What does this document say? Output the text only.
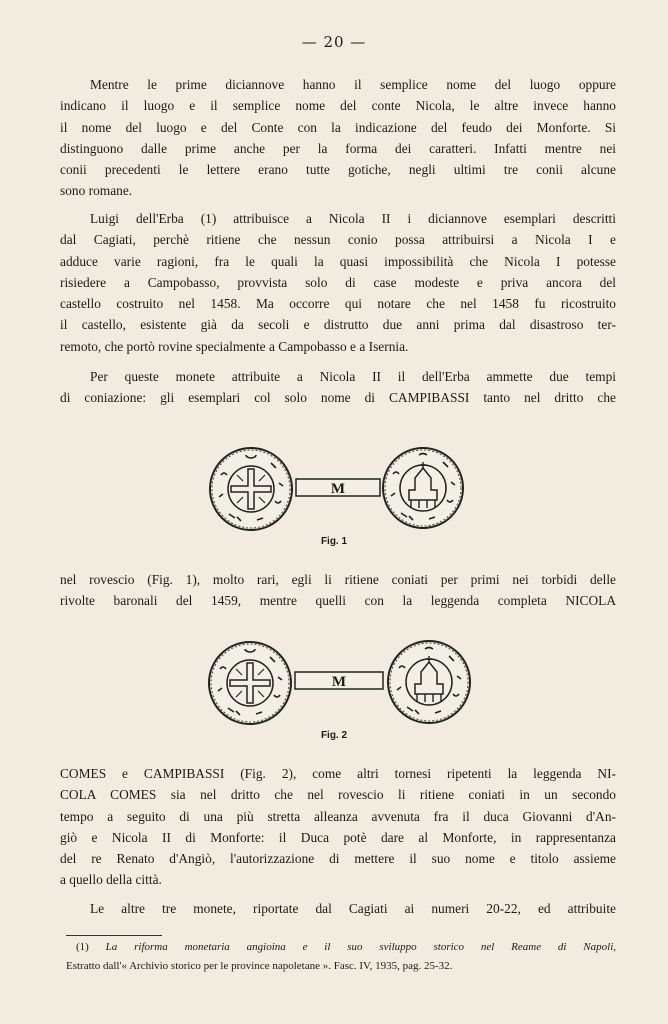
— 20 —
Mentre le prime diciannove hanno il semplice nome del luogo oppure
indicano il luogo e il semplice nome del conte Nicola, le altre invece hanno
il nome del luogo e del Conte con la indicazione del feudo dei Monforte. Si
distinguono dalle prime anche per la forma dei caratteri. Infatti mentre nei
conii precedenti le lettere erano tutte gotiche, negli ultimi tre conii alcune
sono romane.
Luigi dell'Erba (1) attribuisce a Nicola II i diciannove esemplari descritti
dal Cagiati, perchè ritiene che nessun conio possa attribuirsi a Nicola I e
adduce varie ragioni, fra le quali la quasi impossibilità che Nicola I potesse
risiedere a Campobasso, provvista solo di case modeste e priva ancora del
castello costruito nel 1458. Ma occorre qui notare che nel 1458 fu ricostruito
il castello, esistente già da secoli e distrutto due anni prima dal disastroso ter-
remoto, che portò rovine specialmente a Campobasso e a Isernia.
Per queste monete attribuite a Nicola II il dell'Erba ammette due tempi
di coniazione: gli esemplari col solo nome di CAMPIBASSI tanto nel dritto che
M
Fig. 1
nel rovescio (Fig. 1), molto rari, egli li ritiene coniati per primi nei torbidi delle
rivolte baronali del 1459, mentre quelli con la leggenda completa NICOLA
M
Fig. 2
COMES e CAMPIBASSI (Fig. 2), come altri tornesi ripetenti la leggenda NI-
COLA COMES sia nel dritto che nel rovescio li ritiene coniati in un secondo
tempo a seguito di una più stretta alleanza avvenuta fra il duca Giovanni d'An-
giò e Nicola II di Monforte: il Duca potè dare al Monforte, in rappresentanza
del re Renato d'Angiò, l'autorizzazione di mettere il suo nome e titolo assieme
a quello della città.
Le altre tre monete, riportate dal Cagiati ai numeri 20-22, ed attribuite
(1) La riforma monetaria angioina e il suo sviluppo storico nel Reame di Napoli,
Estratto dall'« Archivio storico per le province napoletane ». Fasc. IV, 1935, pag. 25-32.
